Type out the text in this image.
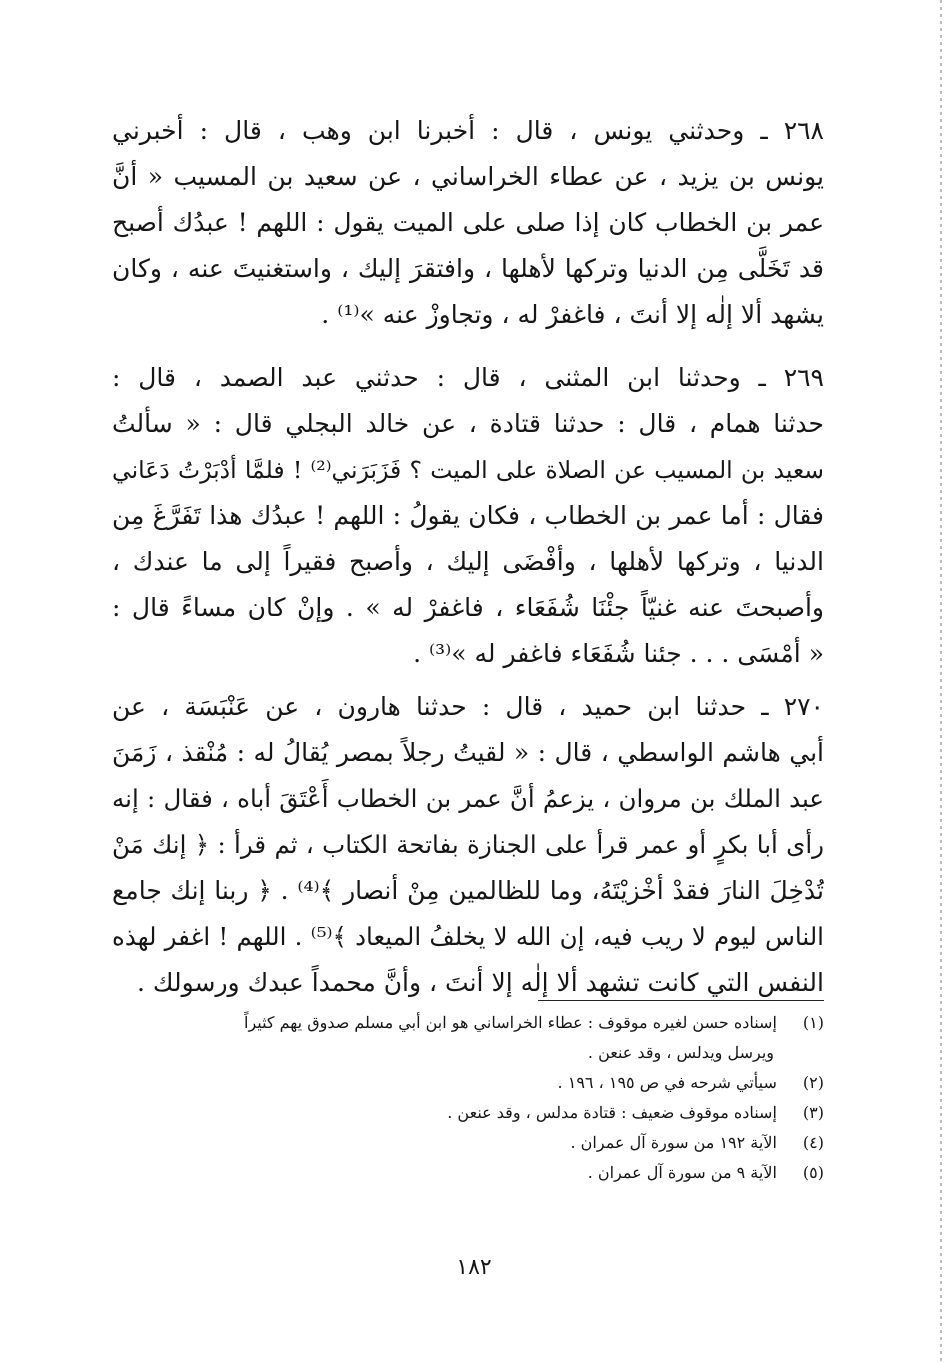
٢٦٨ ـ وحدثني يونس ، قال : أخبرنا ابن وهب ، قال : أخبرني
يونس بن يزيد ، عن عطاء الخراساني ، عن سعيد بن المسيب « أنَّ
عمر بن الخطاب كان إذا صلى على الميت يقول : اللهم ! عبدُك أصبح
قد تَخَلَّى مِن الدنيا وتركها لأهلها ، وافتقرَ إليك ، واستغنيتَ عنه ، وكان
يشهد ألا إلٰه إلا أنتَ ، فاغفرْ له ، وتجاوزْ عنه »⁽¹⁾ .
٢٦٩ ـ وحدثنا ابن المثنى ، قال : حدثني عبد الصمد ، قال :
حدثنا همام ، قال : حدثنا قتادة ، عن خالد البجلي قال : « سألتُ
سعيد بن المسيب عن الصلاة على الميت ؟ فَزَبَرَني⁽²⁾ ! فلمَّا أدْبَرْتُ دَعَاني
فقال : أما عمر بن الخطاب ، فكان يقولُ : اللهم ! عبدُك هذا تَفَرَّغَ مِن
الدنيا ، وتركها لأهلها ، وأفْضَى إليك ، وأصبح فقيراً إلى ما عندك ،
وأصبحتَ عنه غنيّاً جئْنَا شُفَعَاء ، فاغفرْ له » . وإنْ كان مساءً قال :
« أمْسَى . . . جئنا شُفَعَاء فاغفر له »⁽³⁾ .
٢٧٠ ـ حدثنا ابن حميد ، قال : حدثنا هارون ، عن عَنْبَسَة ، عن
أبي هاشم الواسطي ، قال : « لقيتُ رجلاً بمصر يُقالُ له : مُنْقذ ، زَمَنَ
عبد الملك بن مروان ، يزعمُ أنَّ عمر بن الخطاب أَعْتَقَ أباه ، فقال : إنه
رأى أبا بكرٍ أو عمر قرأ على الجنازة بفاتحة الكتاب ، ثم قرأ : ﴿ إنك مَنْ
تُدْخِلَ النارَ فقدْ أخْزيْتَهُ، وما للظالمين مِنْ أنصار ﴾⁽⁴⁾ . ﴿ ربنا إنك جامع
الناس ليوم لا ريب فيه، إن الله لا يخلفُ الميعاد ﴾⁽⁵⁾ . اللهم ! اغفر لهذه
النفس التي كانت تشهد ألا إلٰه إلا أنتَ ، وأنَّ محمداً عبدك ورسولك .
(١) إسناده حسن لغيره موقوف : عطاء الخراساني هو ابن أبي مسلم صدوق يهم كثيراً
ويرسل ويدلس ، وقد عنعن .
(٢) سيأتي شرحه في ص ١٩٥ ، ١٩٦ .
(٣) إسناده موقوف ضعيف : قتادة مدلس ، وقد عنعن .
(٤) الآية ١٩٢ من سورة آل عمران .
(٥) الآية ٩ من سورة آل عمران .
١٨٢
